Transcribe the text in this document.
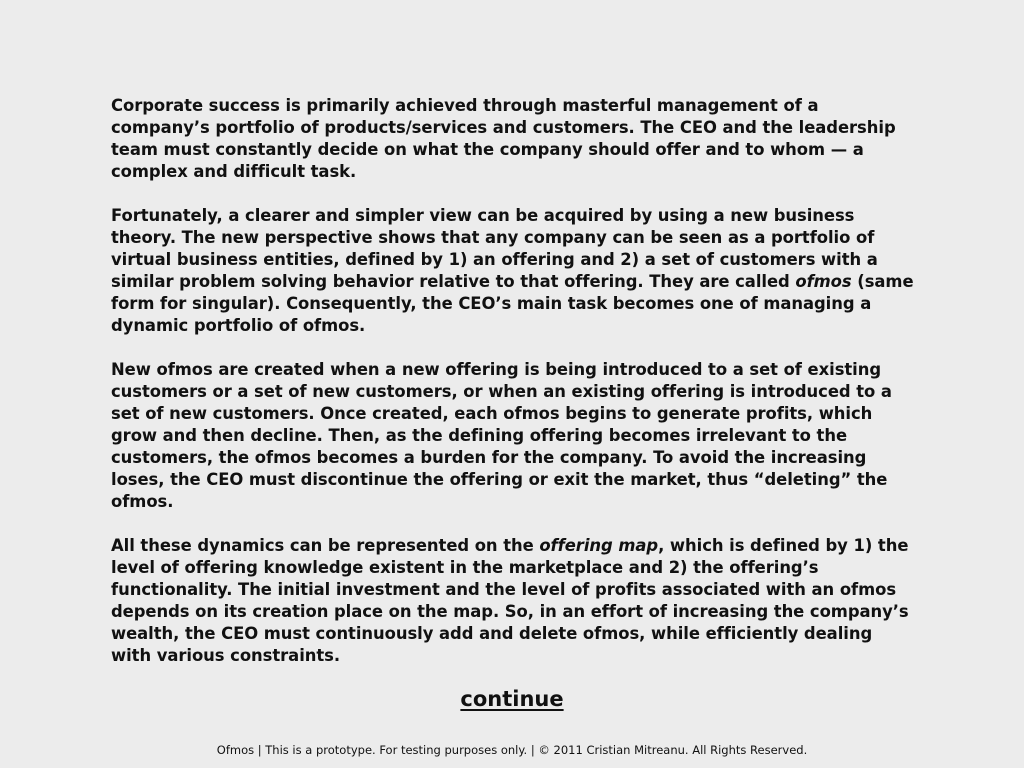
Corporate success is primarily achieved through masterful management of a company’s portfolio of products/services and customers. The CEO and the leadership team must constantly decide on what the company should offer and to whom — a complex and difficult task.

Fortunately, a clearer and simpler view can be acquired by using a new business theory. The new perspective shows that any company can be seen as a portfolio of virtual business entities, defined by 1) an offering and 2) a set of customers with a similar problem solving behavior relative to that offering. They are called ofmos (same form for singular). Consequently, the CEO’s main task becomes one of managing a dynamic portfolio of ofmos.

New ofmos are created when a new offering is being introduced to a set of existing customers or a set of new customers, or when an existing offering is introduced to a set of new customers. Once created, each ofmos begins to generate profits, which grow and then decline. Then, as the defining offering becomes irrelevant to the customers, the ofmos becomes a burden for the company. To avoid the increasing loses, the CEO must discontinue the offering or exit the market, thus “deleting” the ofmos.

All these dynamics can be represented on the offering map, which is defined by 1) the level of offering knowledge existent in the marketplace and 2) the offering’s functionality. The initial investment and the level of profits associated with an ofmos depends on its creation place on the map. So, in an effort of increasing the company’s wealth, the CEO must continuously add and delete ofmos, while efficiently dealing with various constraints.

continue
Ofmos | This is a prototype. For testing purposes only. | © 2011 Cristian Mitreanu. All Rights Reserved.
